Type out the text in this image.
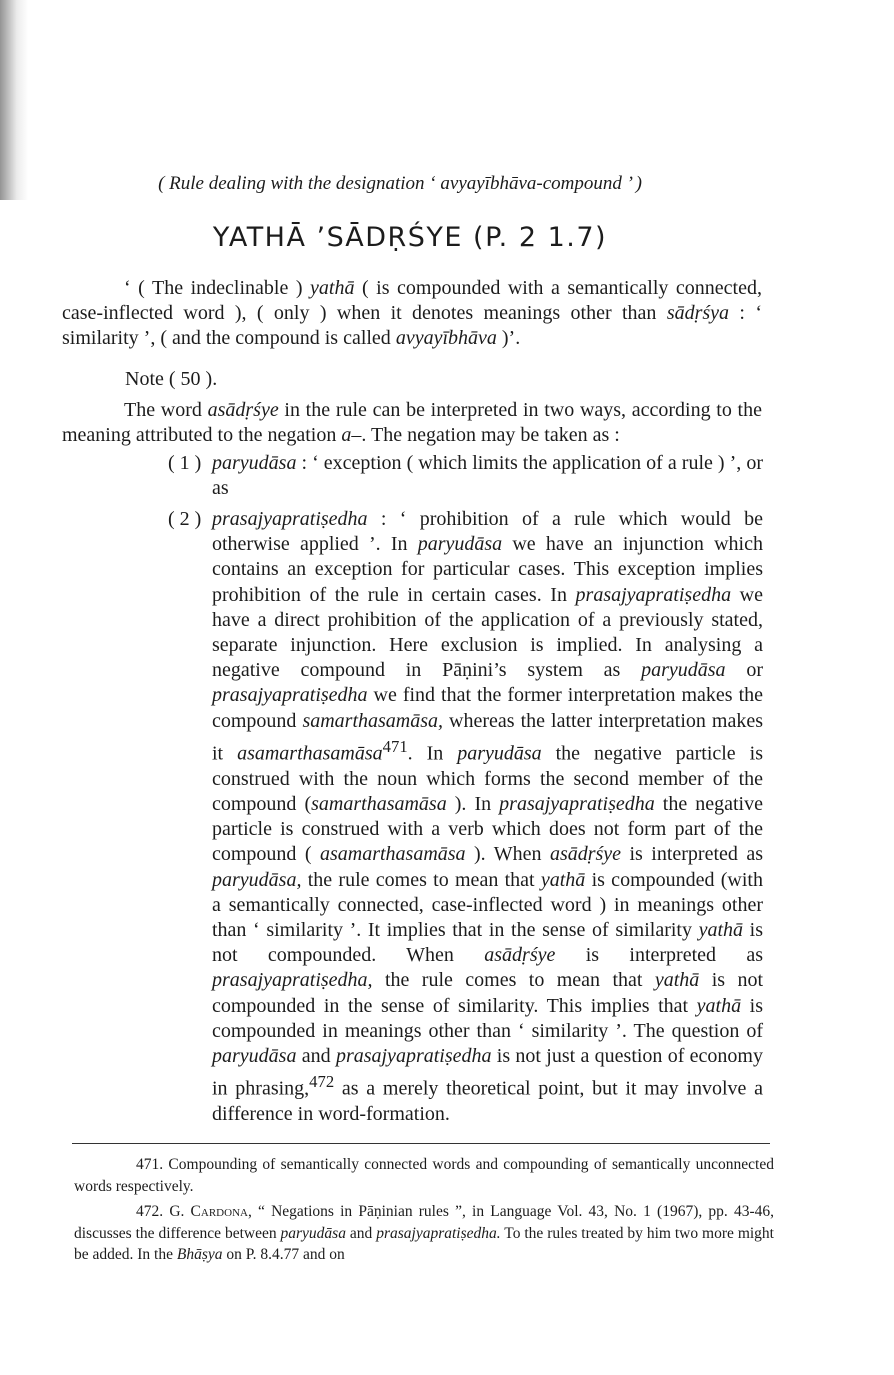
( Rule dealing with the designation ‘ avyayībhāva-compound ’ )
YATHĀ ’SĀDṚŚYE (P. 2 1.7)

‘ ( The indeclinable ) yathā ( is compounded with a semantically connected, case-inflected word ), ( only ) when it denotes meanings other than sādṛśya : ‘ similarity ’, ( and the compound is called avyayībhāva )’.

Note ( 50 ).

The word asādṛśye in the rule can be interpreted in two ways, according to the meaning attributed to the negation a–. The negation may be taken as :

( 1 ) paryudāsa : ‘ exception ( which limits the application of a rule ) ’, or as
( 2 ) prasajyapratiṣedha : ‘ prohibition of a rule which would be otherwise applied ’. In paryudāsa we have an injunction which contains an exception for particular cases. This exception implies prohibition of the rule in certain cases. In prasajyapratiṣedha we have a direct prohibition of the application of a previously stated, separate injunction. Here exclusion is implied. In analysing a negative compound in Pāṇini’s system as paryudāsa or prasajyapratiṣedha we find that the former interpretation makes the compound samarthasamāsa, whereas the latter interpretation makes it asamarthasamāsa$^{471}$. In paryudāsa the negative particle is construed with the noun which forms the second member of the compound (samarthasamāsa ). In prasajyapratiṣedha the negative particle is construed with a verb which does not form part of the compound ( asamarthasamāsa ). When asādṛśye is interpreted as paryudāsa, the rule comes to mean that yathā is compounded (with a semantically connected, case-inflected word ) in meanings other than ‘ similarity ’. It implies that in the sense of similarity yathā is not compounded. When asādṛśye is interpreted as prasajyapratiṣedha, the rule comes to mean that yathā is not compounded in the sense of similarity. This implies that yathā is compounded in meanings other than ‘ similarity ’. The question of paryudāsa and prasajyapratiṣedha is not just a question of economy in phrasing,$^{472}$ as a merely theoretical point, but it may involve a difference in word-formation.

471. Compounding of semantically connected words and compounding of semantically unconnected words respectively.

472. G. Cardona, “ Negations in Pāṇinian rules ”, in Language Vol. 43, No. 1 (1967), pp. 43-46, discusses the difference between paryudāsa and prasajyapratiṣedha. To the rules treated by him two more might be added. In the Bhāṣya on P. 8.4.77 and on
